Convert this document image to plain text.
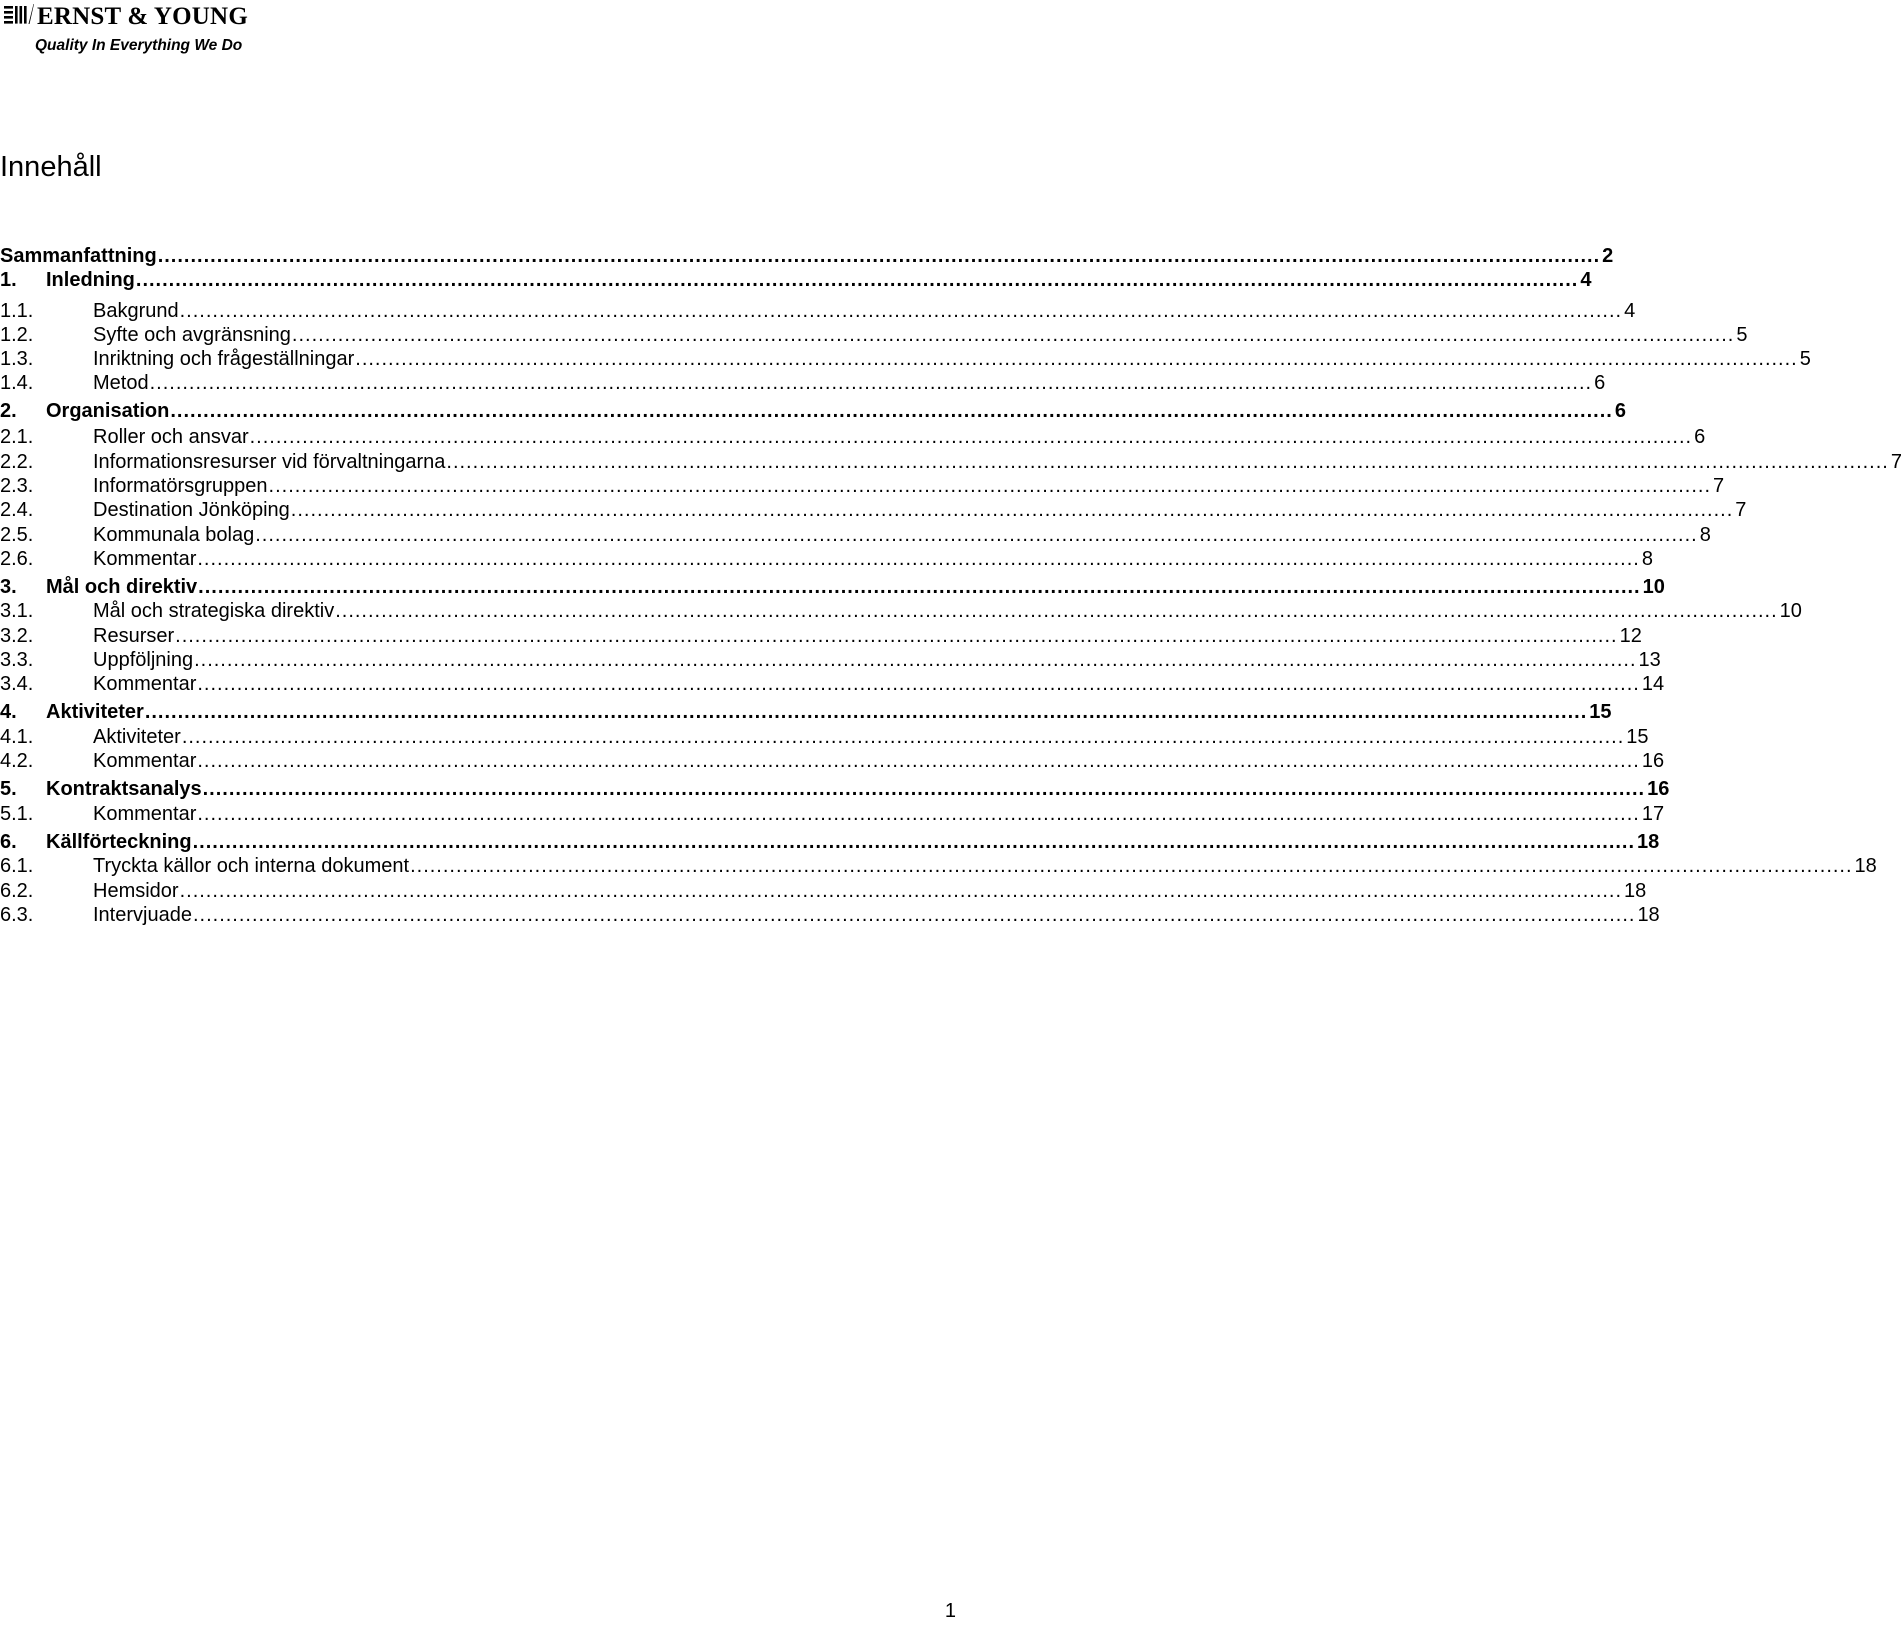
ERNST & YOUNG
Quality In Everything We Do
Innehåll
Sammanfattning ............................................................................................................................................................................................................................ 2
1.	Inledning ............................................................................................................................................................................................................................ 4
1.1.	Bakgrund ............................................................................................................................................................................................................................ 4
1.2.	Syfte och avgränsning ............................................................................................................................................................................................................................ 5
1.3.	Inriktning och frågeställningar ............................................................................................................................................................................................................................ 5
1.4.	Metod ............................................................................................................................................................................................................................ 6
2.	Organisation ............................................................................................................................................................................................................................ 6
2.1.	Roller och ansvar ............................................................................................................................................................................................................................ 6
2.2.	Informationsresurser vid förvaltningarna ............................................................................................................................................................................................................................ 7
2.3.	Informatörsgruppen ............................................................................................................................................................................................................................ 7
2.4.	Destination Jönköping ............................................................................................................................................................................................................................ 7
2.5.	Kommunala bolag ............................................................................................................................................................................................................................ 8
2.6.	Kommentar ............................................................................................................................................................................................................................ 8
3.	Mål och direktiv ............................................................................................................................................................................................................................ 10
3.1.	Mål och strategiska direktiv ............................................................................................................................................................................................................................ 10
3.2.	Resurser ............................................................................................................................................................................................................................ 12
3.3.	Uppföljning ............................................................................................................................................................................................................................ 13
3.4.	Kommentar ............................................................................................................................................................................................................................ 14
4.	Aktiviteter ............................................................................................................................................................................................................................ 15
4.1.	Aktiviteter ............................................................................................................................................................................................................................ 15
4.2.	Kommentar ............................................................................................................................................................................................................................ 16
5.	Kontraktsanalys ............................................................................................................................................................................................................................ 16
5.1.	Kommentar ............................................................................................................................................................................................................................ 17
6.	Källförteckning ............................................................................................................................................................................................................................ 18
6.1.	Tryckta källor och interna dokument ............................................................................................................................................................................................................................ 18
6.2.	Hemsidor ............................................................................................................................................................................................................................ 18
6.3.	Intervjuade ............................................................................................................................................................................................................................ 18
1
